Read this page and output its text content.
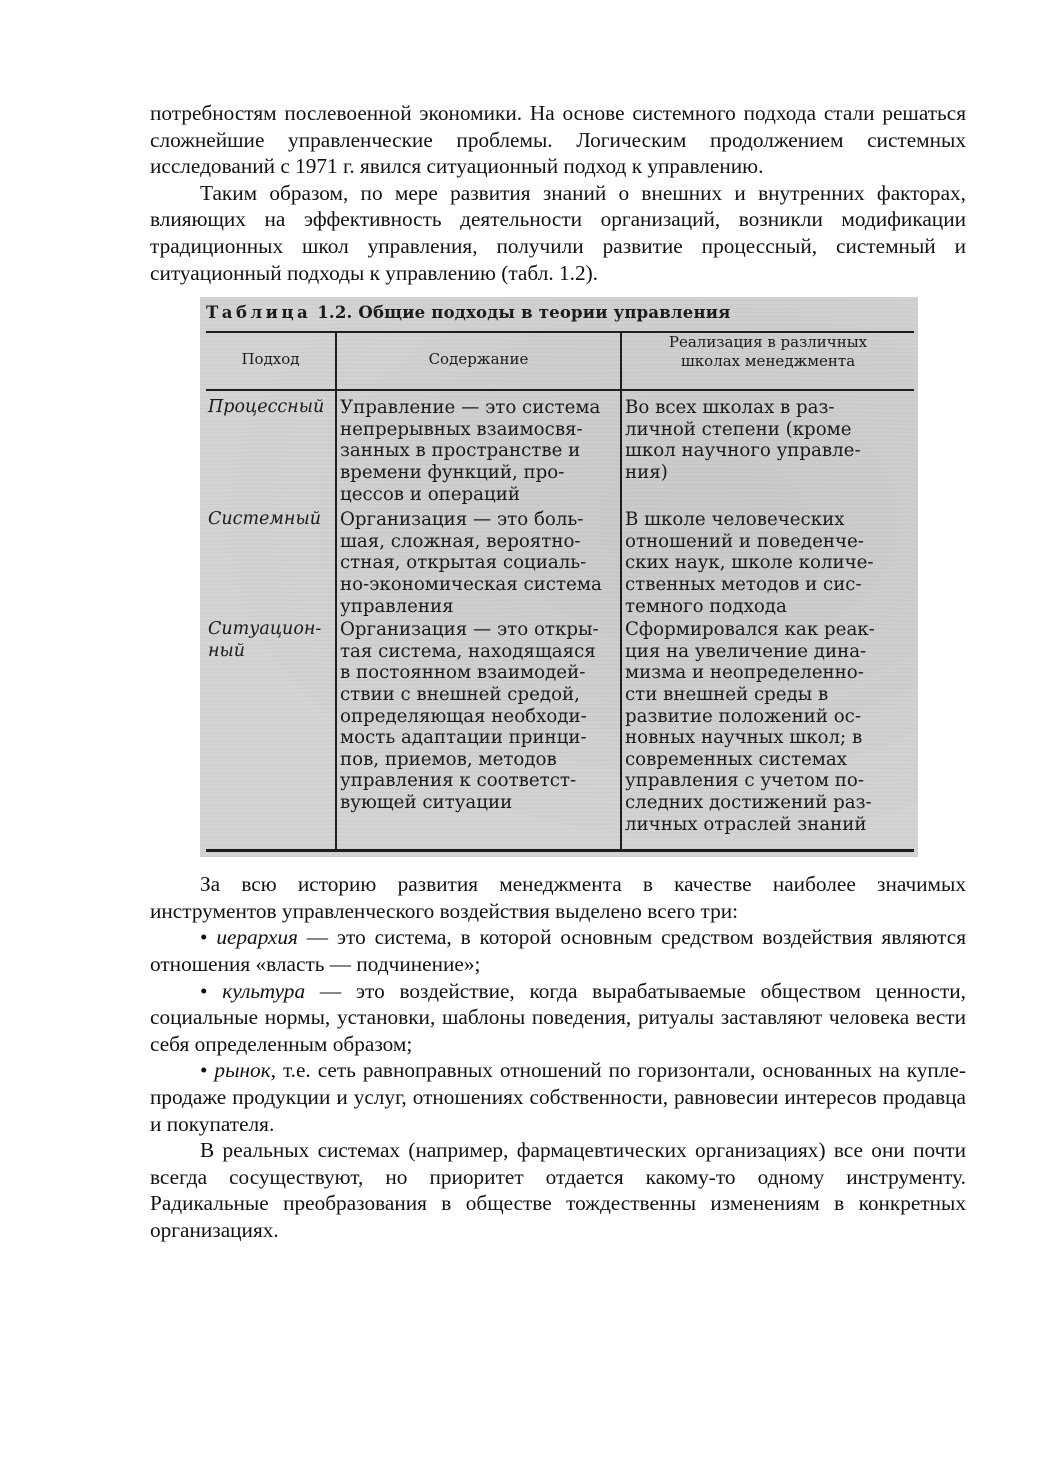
потребностям послевоенной экономики. На основе системного подхода стали решаться сложнейшие управленческие проблемы. Логическим продолжением системных исследований с 1971 г. явился ситуационный подход к управлению.

Таким образом, по мере развития знаний о внешних и внутренних факторах, влияющих на эффективность деятельности организаций, возникли модификации традиционных школ управления, получили развитие процессный, системный и ситуационный подходы к управлению (табл. 1.2).

Таблица 1.2. Общие подходы в теории управления
Подход	Содержание
Реализация в различных
школах менеджмента
Процессный Управление — это система
непрерывных взаимосвя-
занных в пространстве и
времени функций, про-
цессов и операций
Во всех школах в раз-
личной степени (кроме
школ научного управле-
ния)
Системный	Организация — это боль-
шая, сложная, вероятно-
стная, открытая социаль-
но-экономическая система
управления
В школе человеческих
отношений и поведенче-
ских наук, школе количе-
ственных методов и сис-
темного подхода
Ситуацион-
ный
Организация — это откры-
тая система, находящаяся
в постоянном взаимодей-
ствии с внешней средой,
определяющая необходи-
мость адаптации принци-
пов, приемов, методов
управления к соответст-
вующей ситуации
Сформировался как реак-
ция на увеличение дина-
мизма и неопределенно-
сти внешней среды в
развитие положений ос-
новных научных школ; в
современных системах
управления с учетом по-
следних достижений раз-
личных отраслей знаний

За всю историю развития менеджмента в качестве наиболее значимых инструментов управленческого воздействия выделено всего три:

• иерархия — это система, в которой основным средством воздействия являются отношения «власть — подчинение»;

• культура — это воздействие, когда вырабатываемые обществом ценности, социальные нормы, установки, шаблоны поведения, ритуалы заставляют человека вести себя определенным образом;

• рынок, т.е. сеть равноправных отношений по горизонтали, основанных на купле-продаже продукции и услуг, отношениях собственности, равновесии интересов продавца и покупателя.

В реальных системах (например, фармацевтических организациях) все они почти всегда сосуществуют, но приоритет отдается какому-то одному инструменту. Радикальные преобразования в обществе тождественны изменениям в конкретных организациях.
